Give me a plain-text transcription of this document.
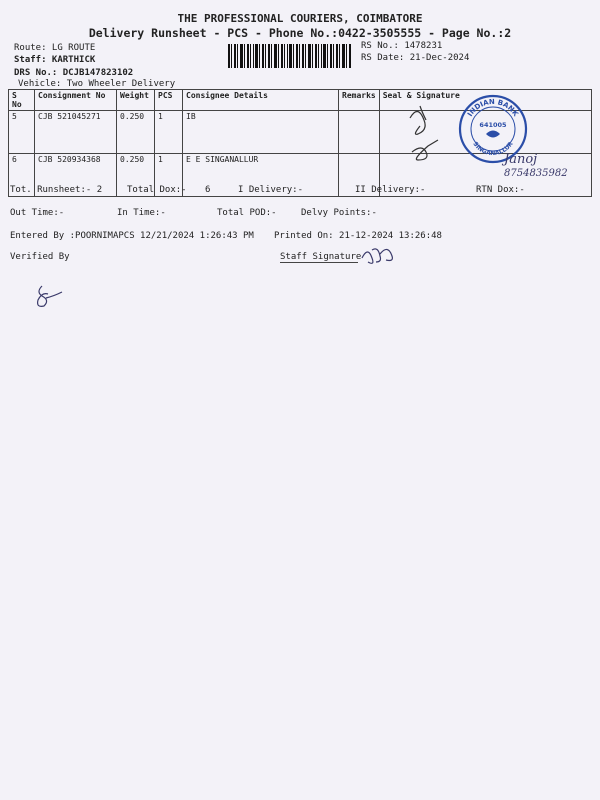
THE PROFESSIONAL COURIERS, COIMBATORE
Delivery Runsheet - PCS - Phone No.:0422-3505555 - Page No.:2
Route: LG ROUTE
Staff: KARTHICK
DRS No.: DCJB147823102
Vehicle: Two Wheeler Delivery
RS No.: 1478231
RS Date: 21-Dec-2024
S No	Consignment No	Weight	PCS	Consignee Details	Remarks	Seal & Signature
5	CJB 521045271	0.250	1	IB		
6	CJB 520934368	0.250	1	E E SINGANALLUR		
INDIAN BANK
SINGANALLUR
641005
Janoj
8754835982
Tot. Runsheet:- 2	Total Dox:- 6	I Delivery:-	II Delivery:-	RTN Dox:-
Out Time:-	In Time:-	Total POD:-	Delvy Points:-
Entered By :POORNIMAPCS 12/21/2024 1:26:43 PM Printed On: 21-12-2024 13:26:48
Verified By	Staff Signature
